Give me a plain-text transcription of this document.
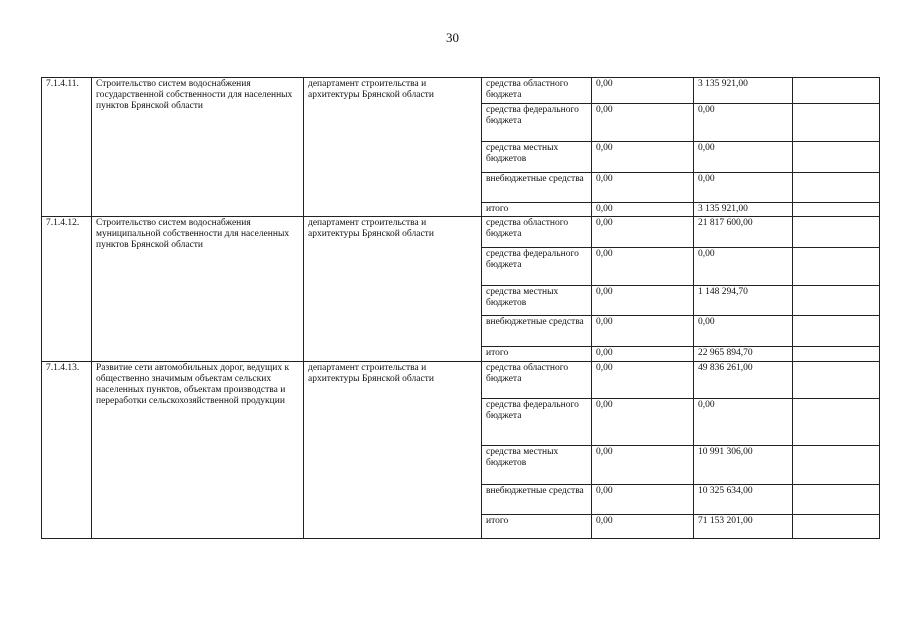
30
7.1.4.11.	Строительство систем водоснабжения государственной собственности для населенных пунктов Брянской области	департамент строительства и архитектуры Брянской области	средства областного бюджета	0,00	3 135 921,00	
			средства федерального бюджета	0,00	0,00	
			средства местных бюджетов	0,00	0,00	
			внебюджетные средства	0,00	0,00	
			итого	0,00	3 135 921,00	
7.1.4.12.	Строительство систем водоснабжения муниципальной собственности для населенных пунктов Брянской области	департамент строительства и архитектуры Брянской области	средства областного бюджета	0,00	21 817 600,00	
			средства федерального бюджета	0,00	0,00	
			средства местных бюджетов	0,00	1 148 294,70	
			внебюджетные средства	0,00	0,00	
			итого	0,00	22 965 894,70	
7.1.4.13.	Развитие сети автомобильных дорог, ведущих к общественно значимым объектам сельских населенных пунктов, объектам производства и переработки сельскохозяйственной продукции	департамент строительства и архитектуры Брянской области	средства областного бюджета	0,00	49 836 261,00	
			средства федерального бюджета	0,00	0,00	
			средства местных бюджетов	0,00	10 991 306,00	
			внебюджетные средства	0,00	10 325 634,00	
			итого	0,00	71 153 201,00	
